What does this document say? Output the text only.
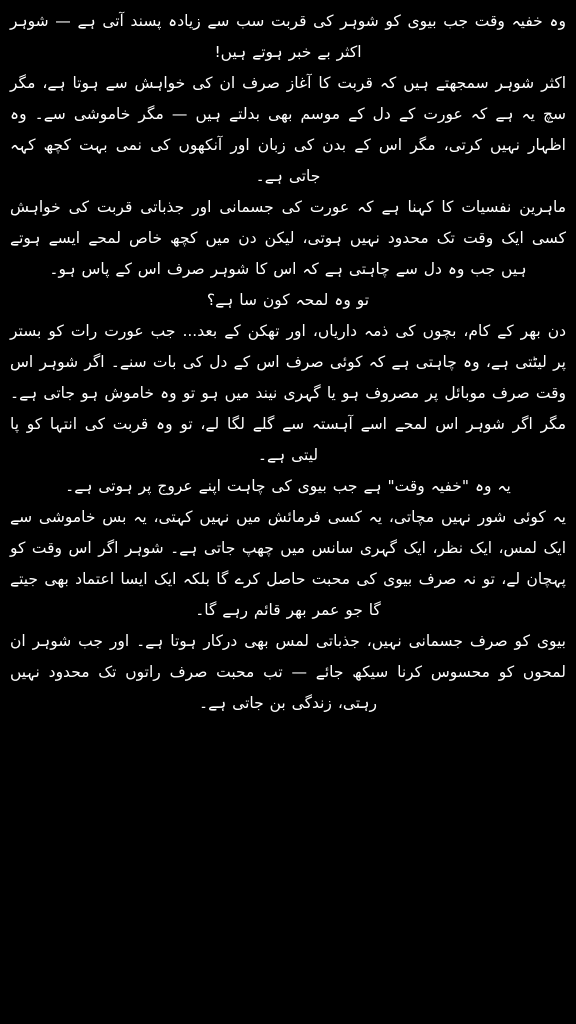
وہ خفیہ وقت جب بیوی کو شوہر کی قربت سب سے زیادہ پسند آتی ہے — شوہر اکثر بے خبر ہوتے ہیں!

اکثر شوہر سمجھتے ہیں کہ قربت کا آغاز صرف ان کی خواہش سے ہوتا ہے، مگر سچ یہ ہے کہ عورت کے دل کے موسم بھی بدلتے ہیں — مگر خاموشی سے۔ وہ اظہار نہیں کرتی، مگر اس کے بدن کی زبان اور آنکھوں کی نمی بہت کچھ کہہ جاتی ہے۔

ماہرین نفسیات کا کہنا ہے کہ عورت کی جسمانی اور جذباتی قربت کی خواہش کسی ایک وقت تک محدود نہیں ہوتی، لیکن دن میں کچھ خاص لمحے ایسے ہوتے ہیں جب وہ دل سے چاہتی ہے کہ اس کا شوہر صرف اس کے پاس ہو۔

تو وہ لمحہ کون سا ہے؟

دن بھر کے کام، بچوں کی ذمہ داریاں، اور تھکن کے بعد... جب عورت رات کو بستر پر لیٹتی ہے، وہ چاہتی ہے کہ کوئی صرف اس کے دل کی بات سنے۔ اگر شوہر اس وقت صرف موبائل پر مصروف ہو یا گہری نیند میں ہو تو وہ خاموش ہو جاتی ہے۔ مگر اگر شوہر اس لمحے اسے آہستہ سے گلے لگا لے، تو وہ قربت کی انتہا کو پا لیتی ہے۔

یہ وہ "خفیہ وقت" ہے جب بیوی کی چاہت اپنے عروج پر ہوتی ہے۔

یہ کوئی شور نہیں مچاتی، یہ کسی فرمائش میں نہیں کہتی، یہ بس خاموشی سے ایک لمس، ایک نظر، ایک گہری سانس میں چھپ جاتی ہے۔ شوہر اگر اس وقت کو پہچان لے، تو نہ صرف بیوی کی محبت حاصل کرے گا بلکہ ایک ایسا اعتماد بھی جیتے گا جو عمر بھر قائم رہے گا۔

بیوی کو صرف جسمانی نہیں، جذباتی لمس بھی درکار ہوتا ہے۔ اور جب شوہر ان لمحوں کو محسوس کرنا سیکھ جائے — تب محبت صرف راتوں تک محدود نہیں رہتی، زندگی بن جاتی ہے۔
